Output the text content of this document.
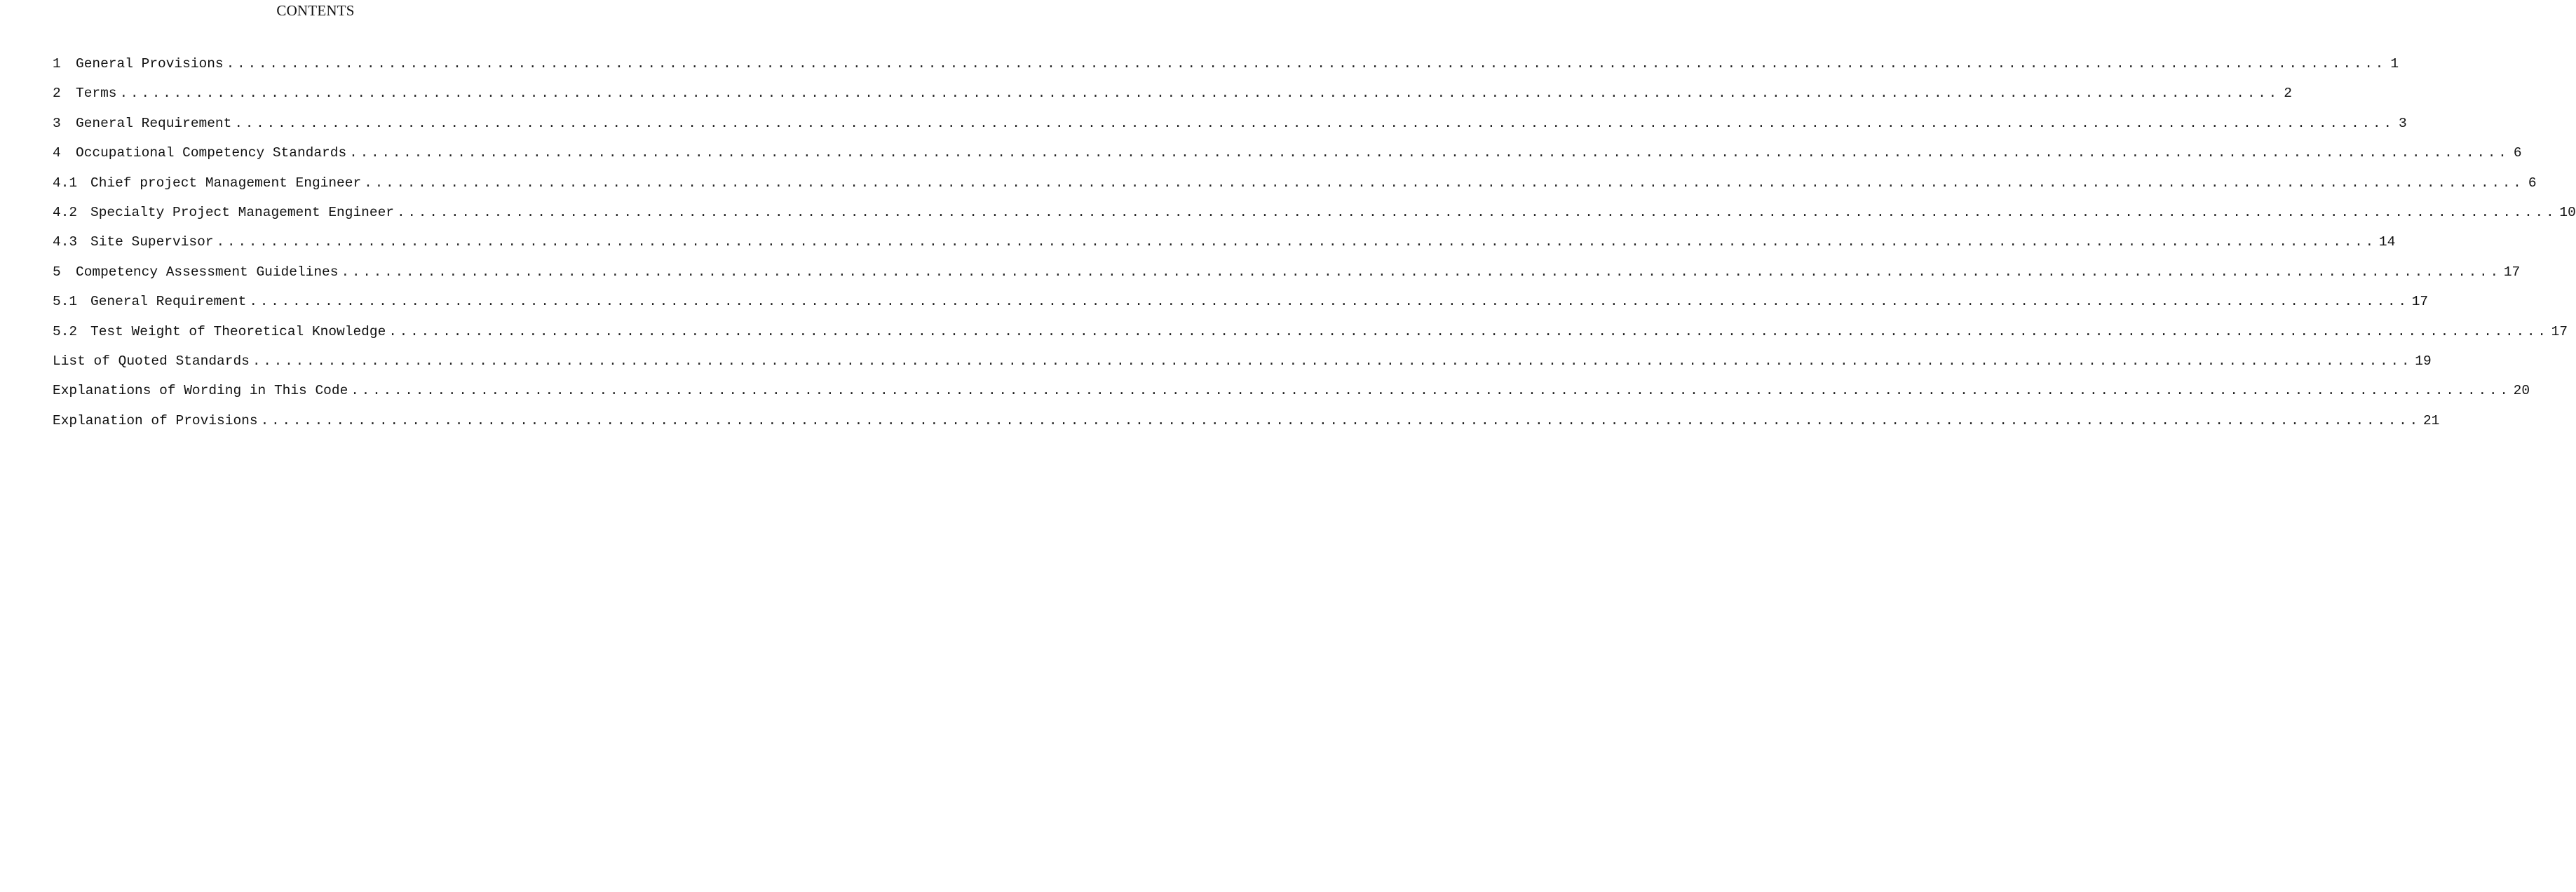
CONTENTS
1	General Provisions ........................................................................................................................................................................................................ 1
2	Terms ........................................................................................................................................................................................................ 2
3	General Requirement ........................................................................................................................................................................................................ 3
4	Occupational Competency Standards ........................................................................................................................................................................................................ 6
4.1 Chief project Management Engineer ........................................................................................................................................................................................................ 6
4.2 Specialty Project Management Engineer ........................................................................................................................................................................................................ 10
4.3 Site Supervisor ........................................................................................................................................................................................................ 14
5	Competency Assessment Guidelines ........................................................................................................................................................................................................ 17
5.1 General Requirement ........................................................................................................................................................................................................ 17
5.2 Test Weight of Theoretical Knowledge ........................................................................................................................................................................................................ 17
List of Quoted Standards ........................................................................................................................................................................................................ 19
Explanations of Wording in This Code ........................................................................................................................................................................................................ 20
Explanation of Provisions ........................................................................................................................................................................................................ 21
